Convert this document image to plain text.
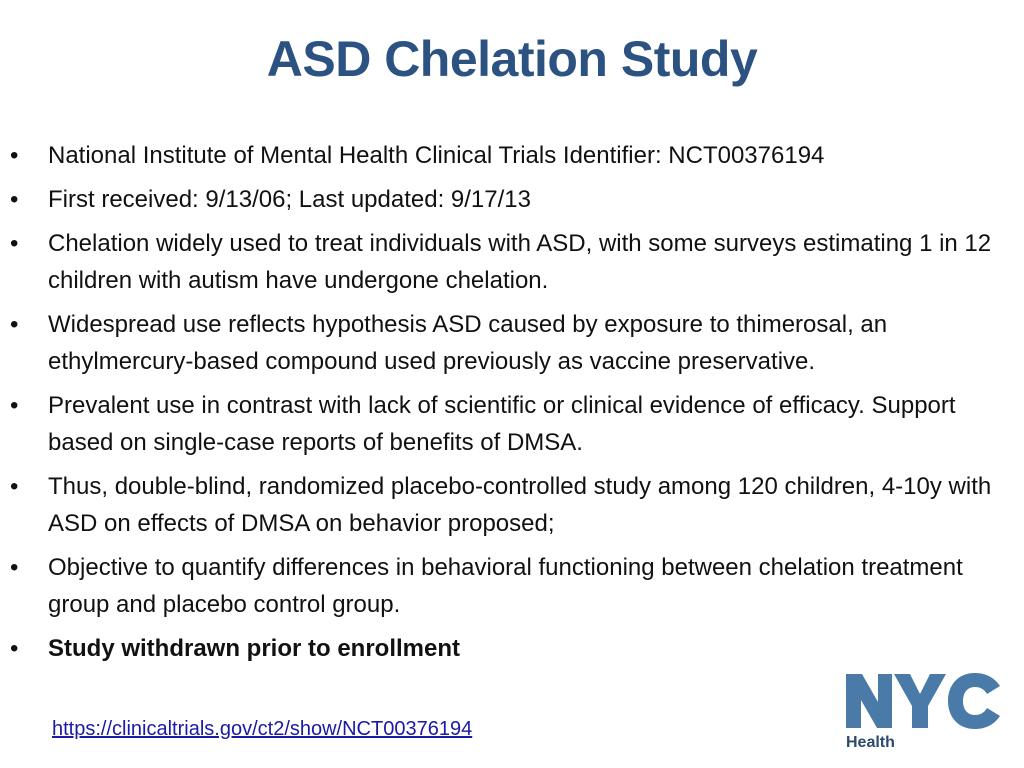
ASD Chelation Study
•	National Institute of Mental Health Clinical Trials Identifier: NCT00376194
•	First received: 9/13/06; Last updated: 9/17/13
•	Chelation widely used to treat individuals with ASD, with some surveys estimating 1 in 12 children with autism have undergone chelation.
•	Widespread use reflects hypothesis ASD caused by exposure to thimerosal, an ethylmercury-based compound used previously as vaccine preservative.
•	Prevalent use in contrast with lack of scientific or clinical evidence of efficacy. Support based on single-case reports of benefits of DMSA.
•	Thus, double-blind, randomized placebo-controlled study among 120 children, 4-10y with ASD on effects of DMSA on behavior proposed;
•	Objective to quantify differences in behavioral functioning between chelation treatment group and placebo control group.
•	Study withdrawn prior to enrollment
https://clinicaltrials.gov/ct2/show/NCT00376194
Health
